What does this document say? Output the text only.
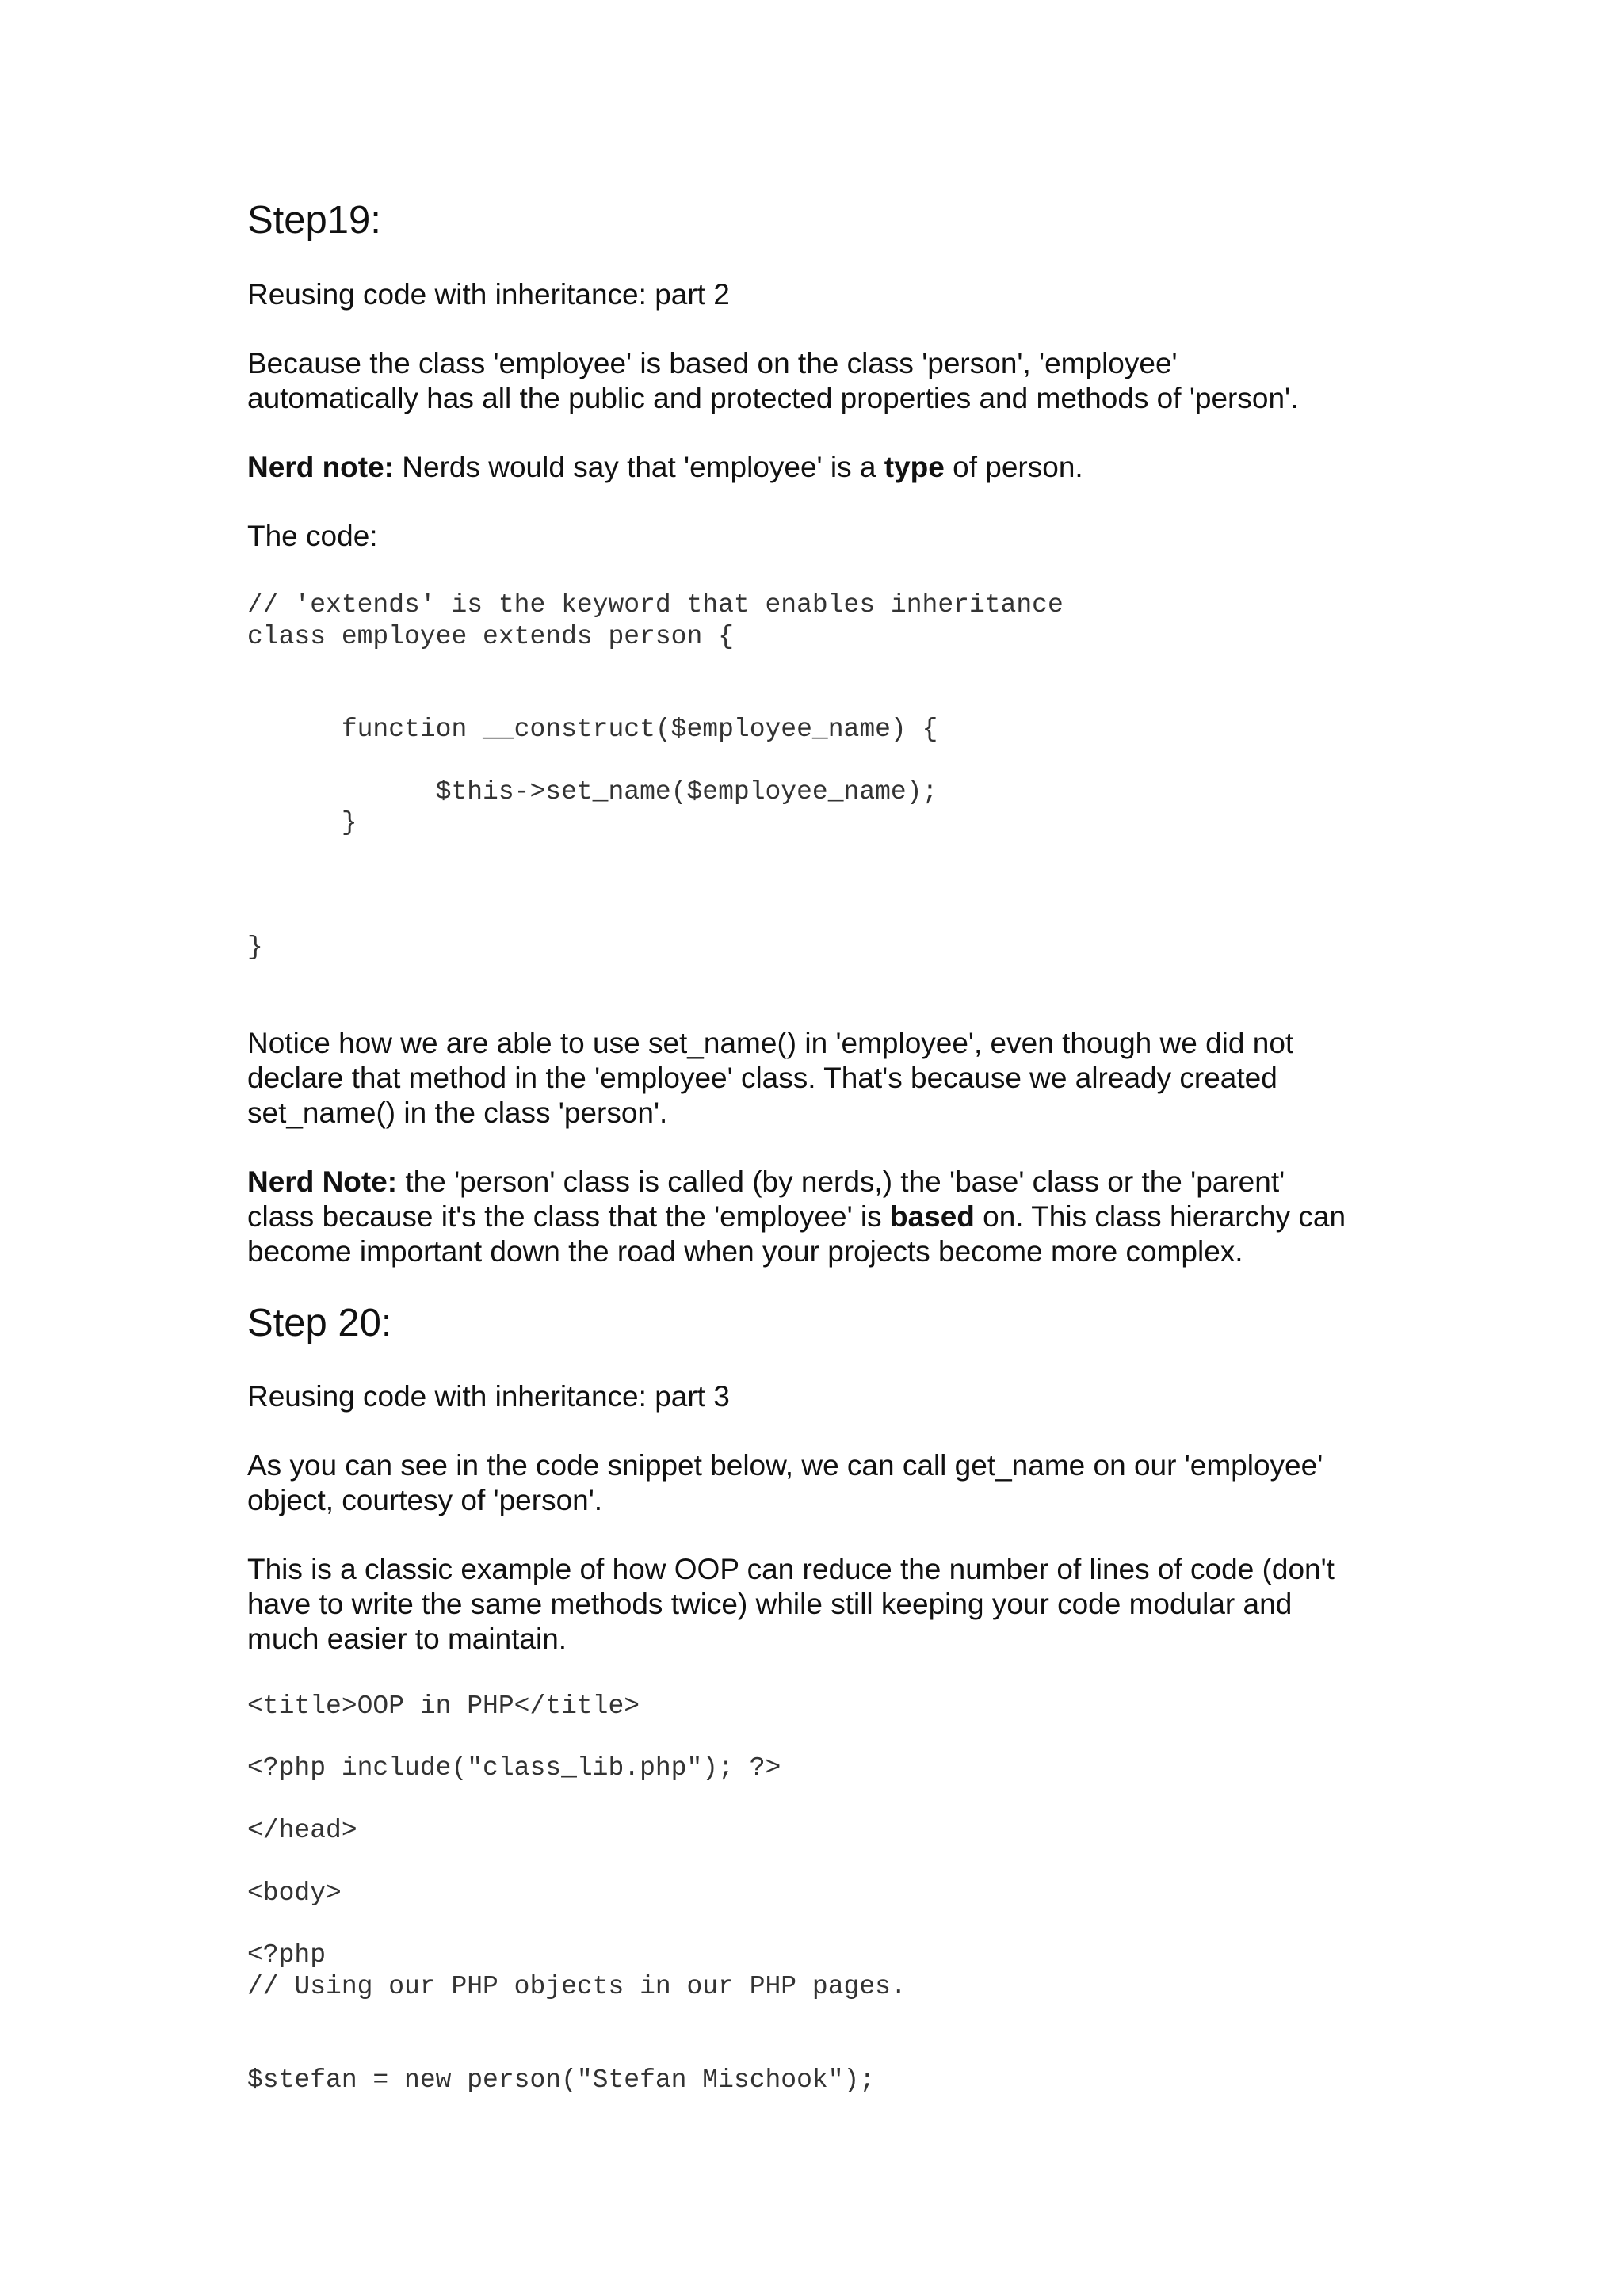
Step19:

Reusing code with inheritance: part 2

Because the class 'employee' is based on the class 'person', 'employee'
automatically has all the public and protected properties and methods of 'person'.

Nerd note: Nerds would say that 'employee' is a type of person.

The code:

// 'extends' is the keyword that enables inheritance
class employee extends person {
function __construct($employee_name) {
$this->set_name($employee_name);
}
}

Notice how we are able to use set_name() in 'employee', even though we did not
declare that method in the 'employee' class. That's because we already created
set_name() in the class 'person'.

Nerd Note: the 'person' class is called (by nerds,) the 'base' class or the 'parent'
class because it's the class that the 'employee' is based on. This class hierarchy can
become important down the road when your projects become more complex.

Step 20:

Reusing code with inheritance: part 3

As you can see in the code snippet below, we can call get_name on our 'employee'
object, courtesy of 'person'.

This is a classic example of how OOP can reduce the number of lines of code (don't
have to write the same methods twice) while still keeping your code modular and
much easier to maintain.

<title>OOP in PHP</title>
<?php include("class_lib.php"); ?>
</head>
<body>
<?php
// Using our PHP objects in our PHP pages.
$stefan = new person("Stefan Mischook");
